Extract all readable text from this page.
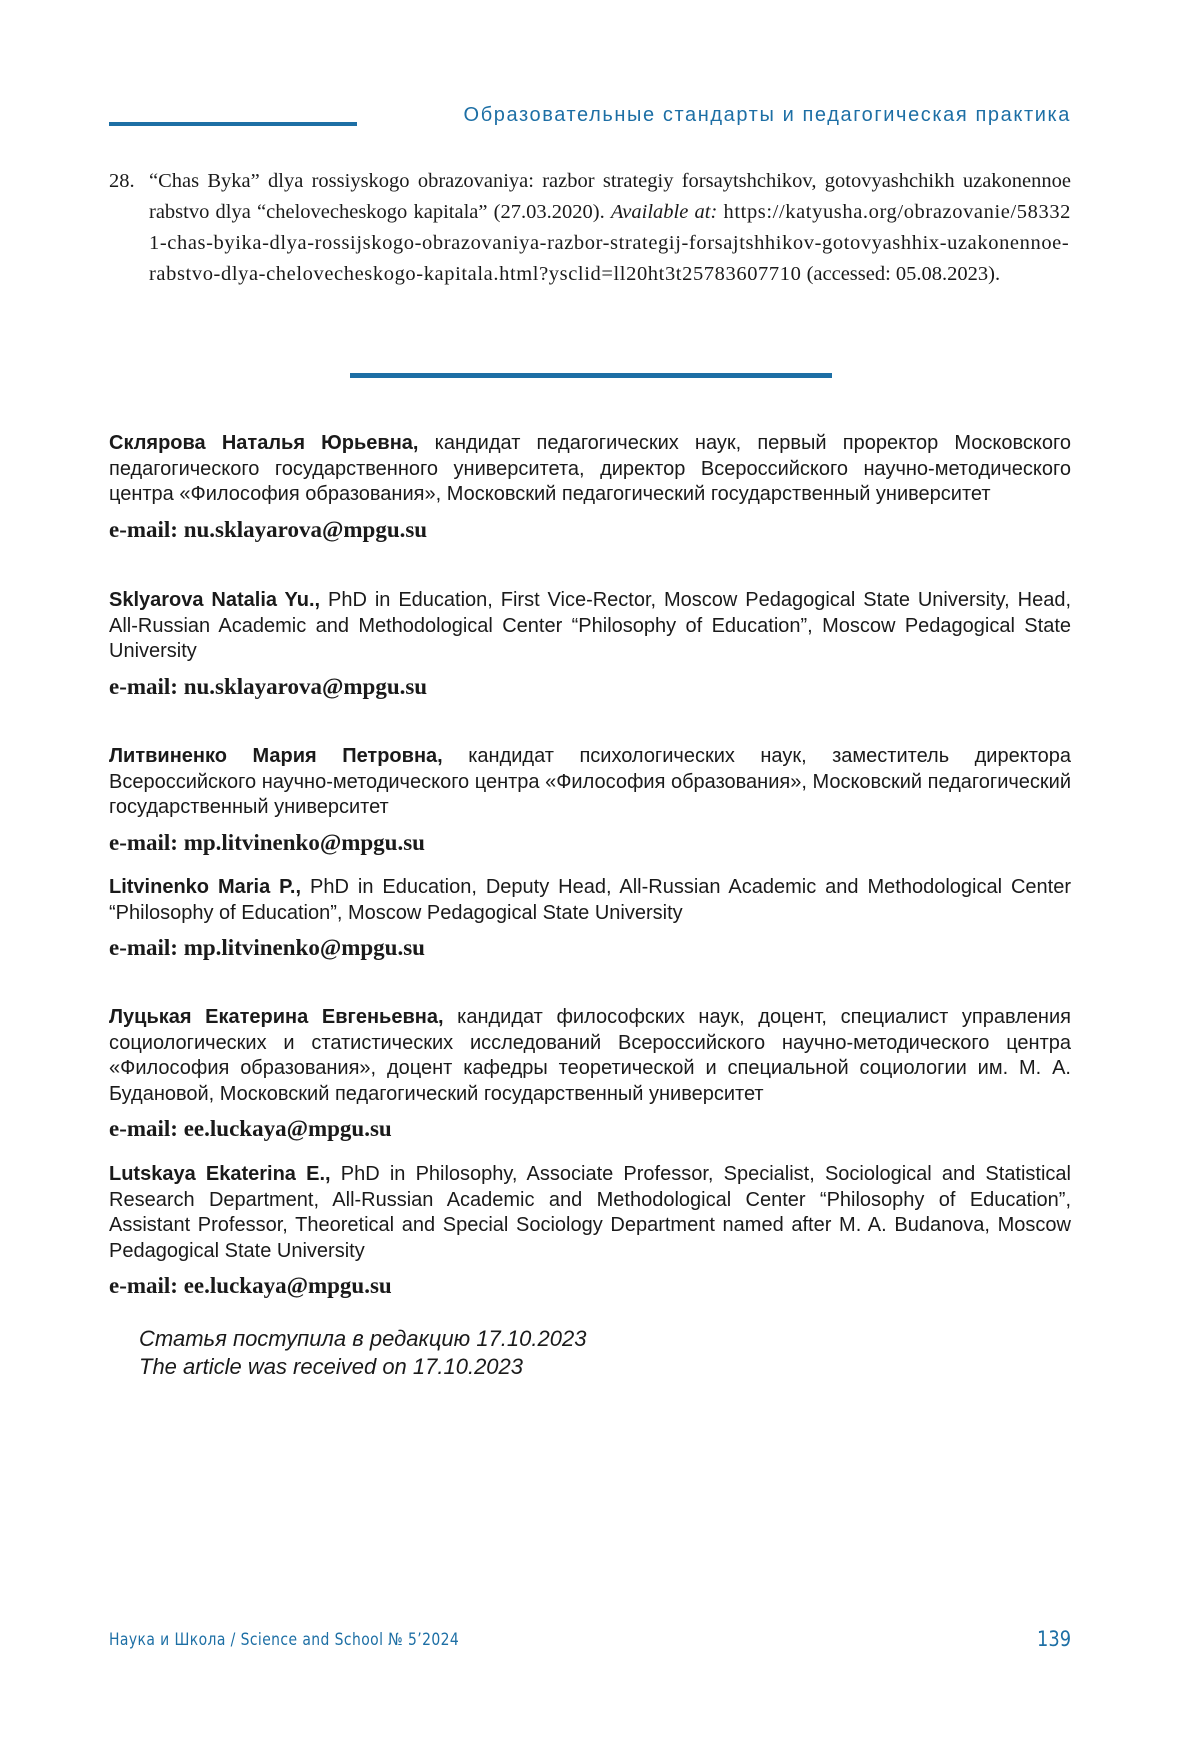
Образовательные стандарты и педагогическая практика
28. “Chas Byka” dlya rossiyskogo obrazovaniya: razbor strategiy forsaytshchikov, gotovyashchikh uzakonennoe rabstvo dlya “chelovecheskogo kapitala” (27.03.2020). Available at: https://katyusha.org/obrazovanie/583321-chas-byika-dlya-rossijskogo-obrazovaniya-razbor-strategij-forsajtshhikov-gotovyashhix-uzakonennoe-rabstvo-dlya-chelovecheskogo-kapitala.html?ysclid=ll20ht3t25783607710 (accessed: 05.08.2023).

Склярова Наталья Юрьевна, кандидат педагогических наук, первый проректор Московского педагогического государственного университета, директор Всероссийского научно-методического центра «Философия образования», Московский педагогический государственный университет

e-mail: nu.sklayarova@mpgu.su

Sklyarova Natalia Yu., PhD in Education, First Vice-Rector, Moscow Pedagogical State University, Head, All-Russian Academic and Methodological Center “Philosophy of Education”, Moscow Pedagogical State University

e-mail: nu.sklayarova@mpgu.su

Литвиненко Мария Петровна, кандидат психологических наук, заместитель директора Всероссийского научно-методического центра «Философия образования», Московский педагогический государственный университет

e-mail: mp.litvinenko@mpgu.su

Litvinenko Maria P., PhD in Education, Deputy Head, All-Russian Academic and Methodological Center “Philosophy of Education”, Moscow Pedagogical State University

e-mail: mp.litvinenko@mpgu.su

Луцькая Екатерина Евгеньевна, кандидат философских наук, доцент, специалист управления социологических и статистических исследований Всероссийского научно-методического центра «Философия образования», доцент кафедры теоретической и специальной социологии им. М. А. Будановой, Московский педагогический государственный университет

e-mail: ee.luckaya@mpgu.su

Lutskaya Ekaterina E., PhD in Philosophy, Associate Professor, Specialist, Sociological and Statistical Research Department, All-Russian Academic and Methodological Center “Philosophy of Education”, Assistant Professor, Theoretical and Special Sociology Department named after M. A. Budanova, Moscow Pedagogical State University

e-mail: ee.luckaya@mpgu.su

Статья поступила в редакцию 17.10.2023
The article was received on 17.10.2023
Наука и Школа / Science and School № 5’2024	139
